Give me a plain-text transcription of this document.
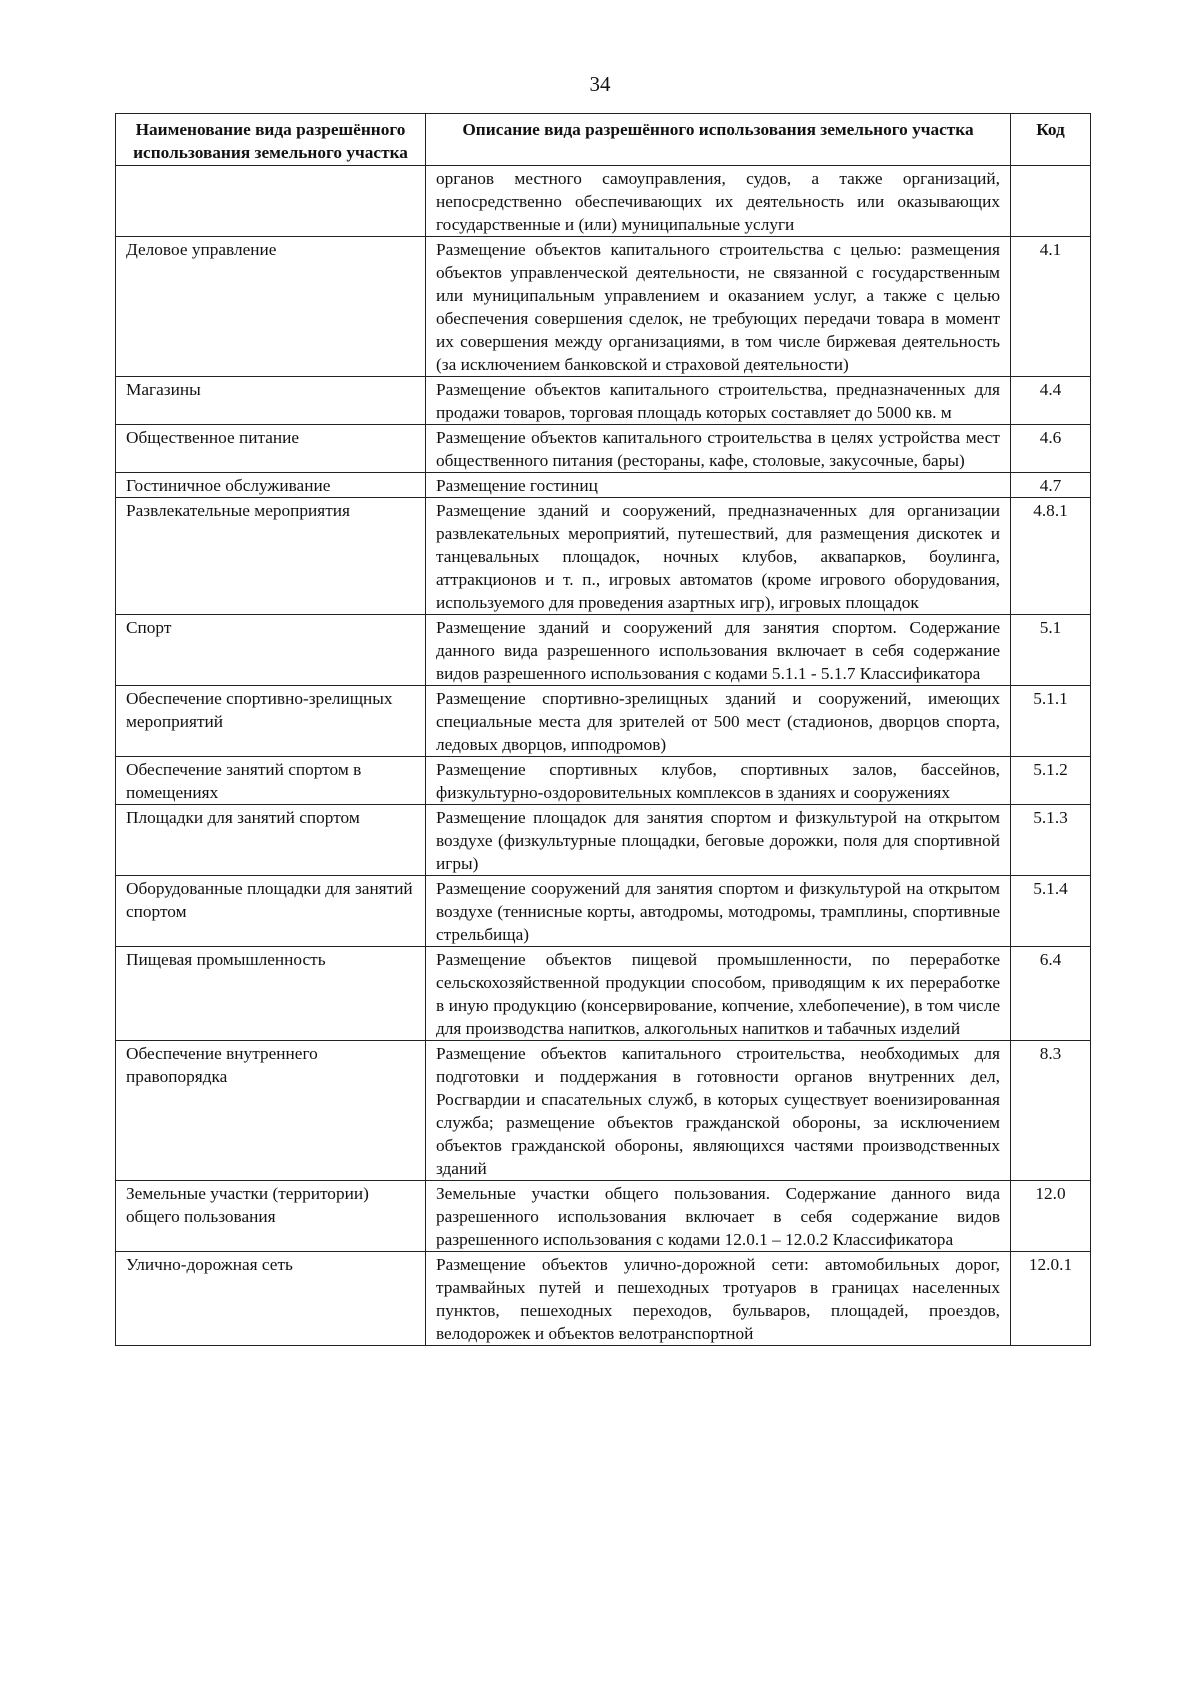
34
Наименование вида разрешённого использования земельного участка	Описание вида разрешённого использования земельного участка	Код
	органов местного самоуправления, судов, а также организаций, непосредственно обеспечивающих их деятельность или оказывающих государственные и (или) муниципальные услуги	
Деловое управление	Размещение объектов капитального строительства с целью: размещения объектов управленческой деятельности, не связанной с государственным или муниципальным управлением и оказанием услуг, а также с целью обеспечения совершения сделок, не требующих передачи товара в момент их совершения между организациями, в том числе биржевая деятельность (за исключением банковской и страховой деятельности)	4.1
Магазины	Размещение объектов капитального строительства, предназначенных для продажи товаров, торговая площадь которых составляет до 5000 кв. м	4.4
Общественное питание	Размещение объектов капитального строительства в целях устройства мест общественного питания (рестораны, кафе, столовые, закусочные, бары)	4.6
Гостиничное обслуживание	Размещение гостиниц	4.7
Развлекательные мероприятия	Размещение зданий и сооружений, предназначенных для организации развлекательных мероприятий, путешествий, для размещения дискотек и танцевальных площадок, ночных клубов, аквапарков, боулинга, аттракционов и т. п., игровых автоматов (кроме игрового оборудования, используемого для проведения азартных игр), игровых площадок	4.8.1
Спорт	Размещение зданий и сооружений для занятия спортом. Содержание данного вида разрешенного использования включает в себя содержание видов разрешенного использования с кодами 5.1.1 - 5.1.7 Классификатора	5.1
Обеспечение спортивно-зрелищных мероприятий	Размещение спортивно-зрелищных зданий и сооружений, имеющих специальные места для зрителей от 500 мест (стадионов, дворцов спорта, ледовых дворцов, ипподромов)	5.1.1
Обеспечение занятий спортом в помещениях	Размещение спортивных клубов, спортивных залов, бассейнов, физкультурно-оздоровительных комплексов в зданиях и сооружениях	5.1.2
Площадки для занятий спортом	Размещение площадок для занятия спортом и физкультурой на открытом воздухе (физкультурные площадки, беговые дорожки, поля для спортивной игры)	5.1.3
Оборудованные площадки для занятий спортом	Размещение сооружений для занятия спортом и физкультурой на открытом воздухе (теннисные корты, автодромы, мотодромы, трамплины, спортивные стрельбища)	5.1.4
Пищевая промышленность	Размещение объектов пищевой промышленности, по переработке сельскохозяйственной продукции способом, приводящим к их переработке в иную продукцию (консервирование, копчение, хлебопечение), в том числе для производства напитков, алкогольных напитков и табачных изделий	6.4
Обеспечение внутреннего правопорядка	Размещение объектов капитального строительства, необходимых для подготовки и поддержания в готовности органов внутренних дел, Росгвардии и спасательных служб, в которых существует военизированная служба; размещение объектов гражданской обороны, за исключением объектов гражданской обороны, являющихся частями производственных зданий	8.3
Земельные участки (территории) общего пользования	Земельные участки общего пользования. Содержание данного вида разрешенного использования включает в себя содержание видов разрешенного использования с кодами 12.0.1 – 12.0.2 Классификатора	12.0
Улично-дорожная сеть	Размещение объектов улично-дорожной сети: автомобильных дорог, трамвайных путей и пешеходных тротуаров в границах населенных пунктов, пешеходных переходов, бульваров, площадей, проездов, велодорожек и объектов велотранспортной	12.0.1
